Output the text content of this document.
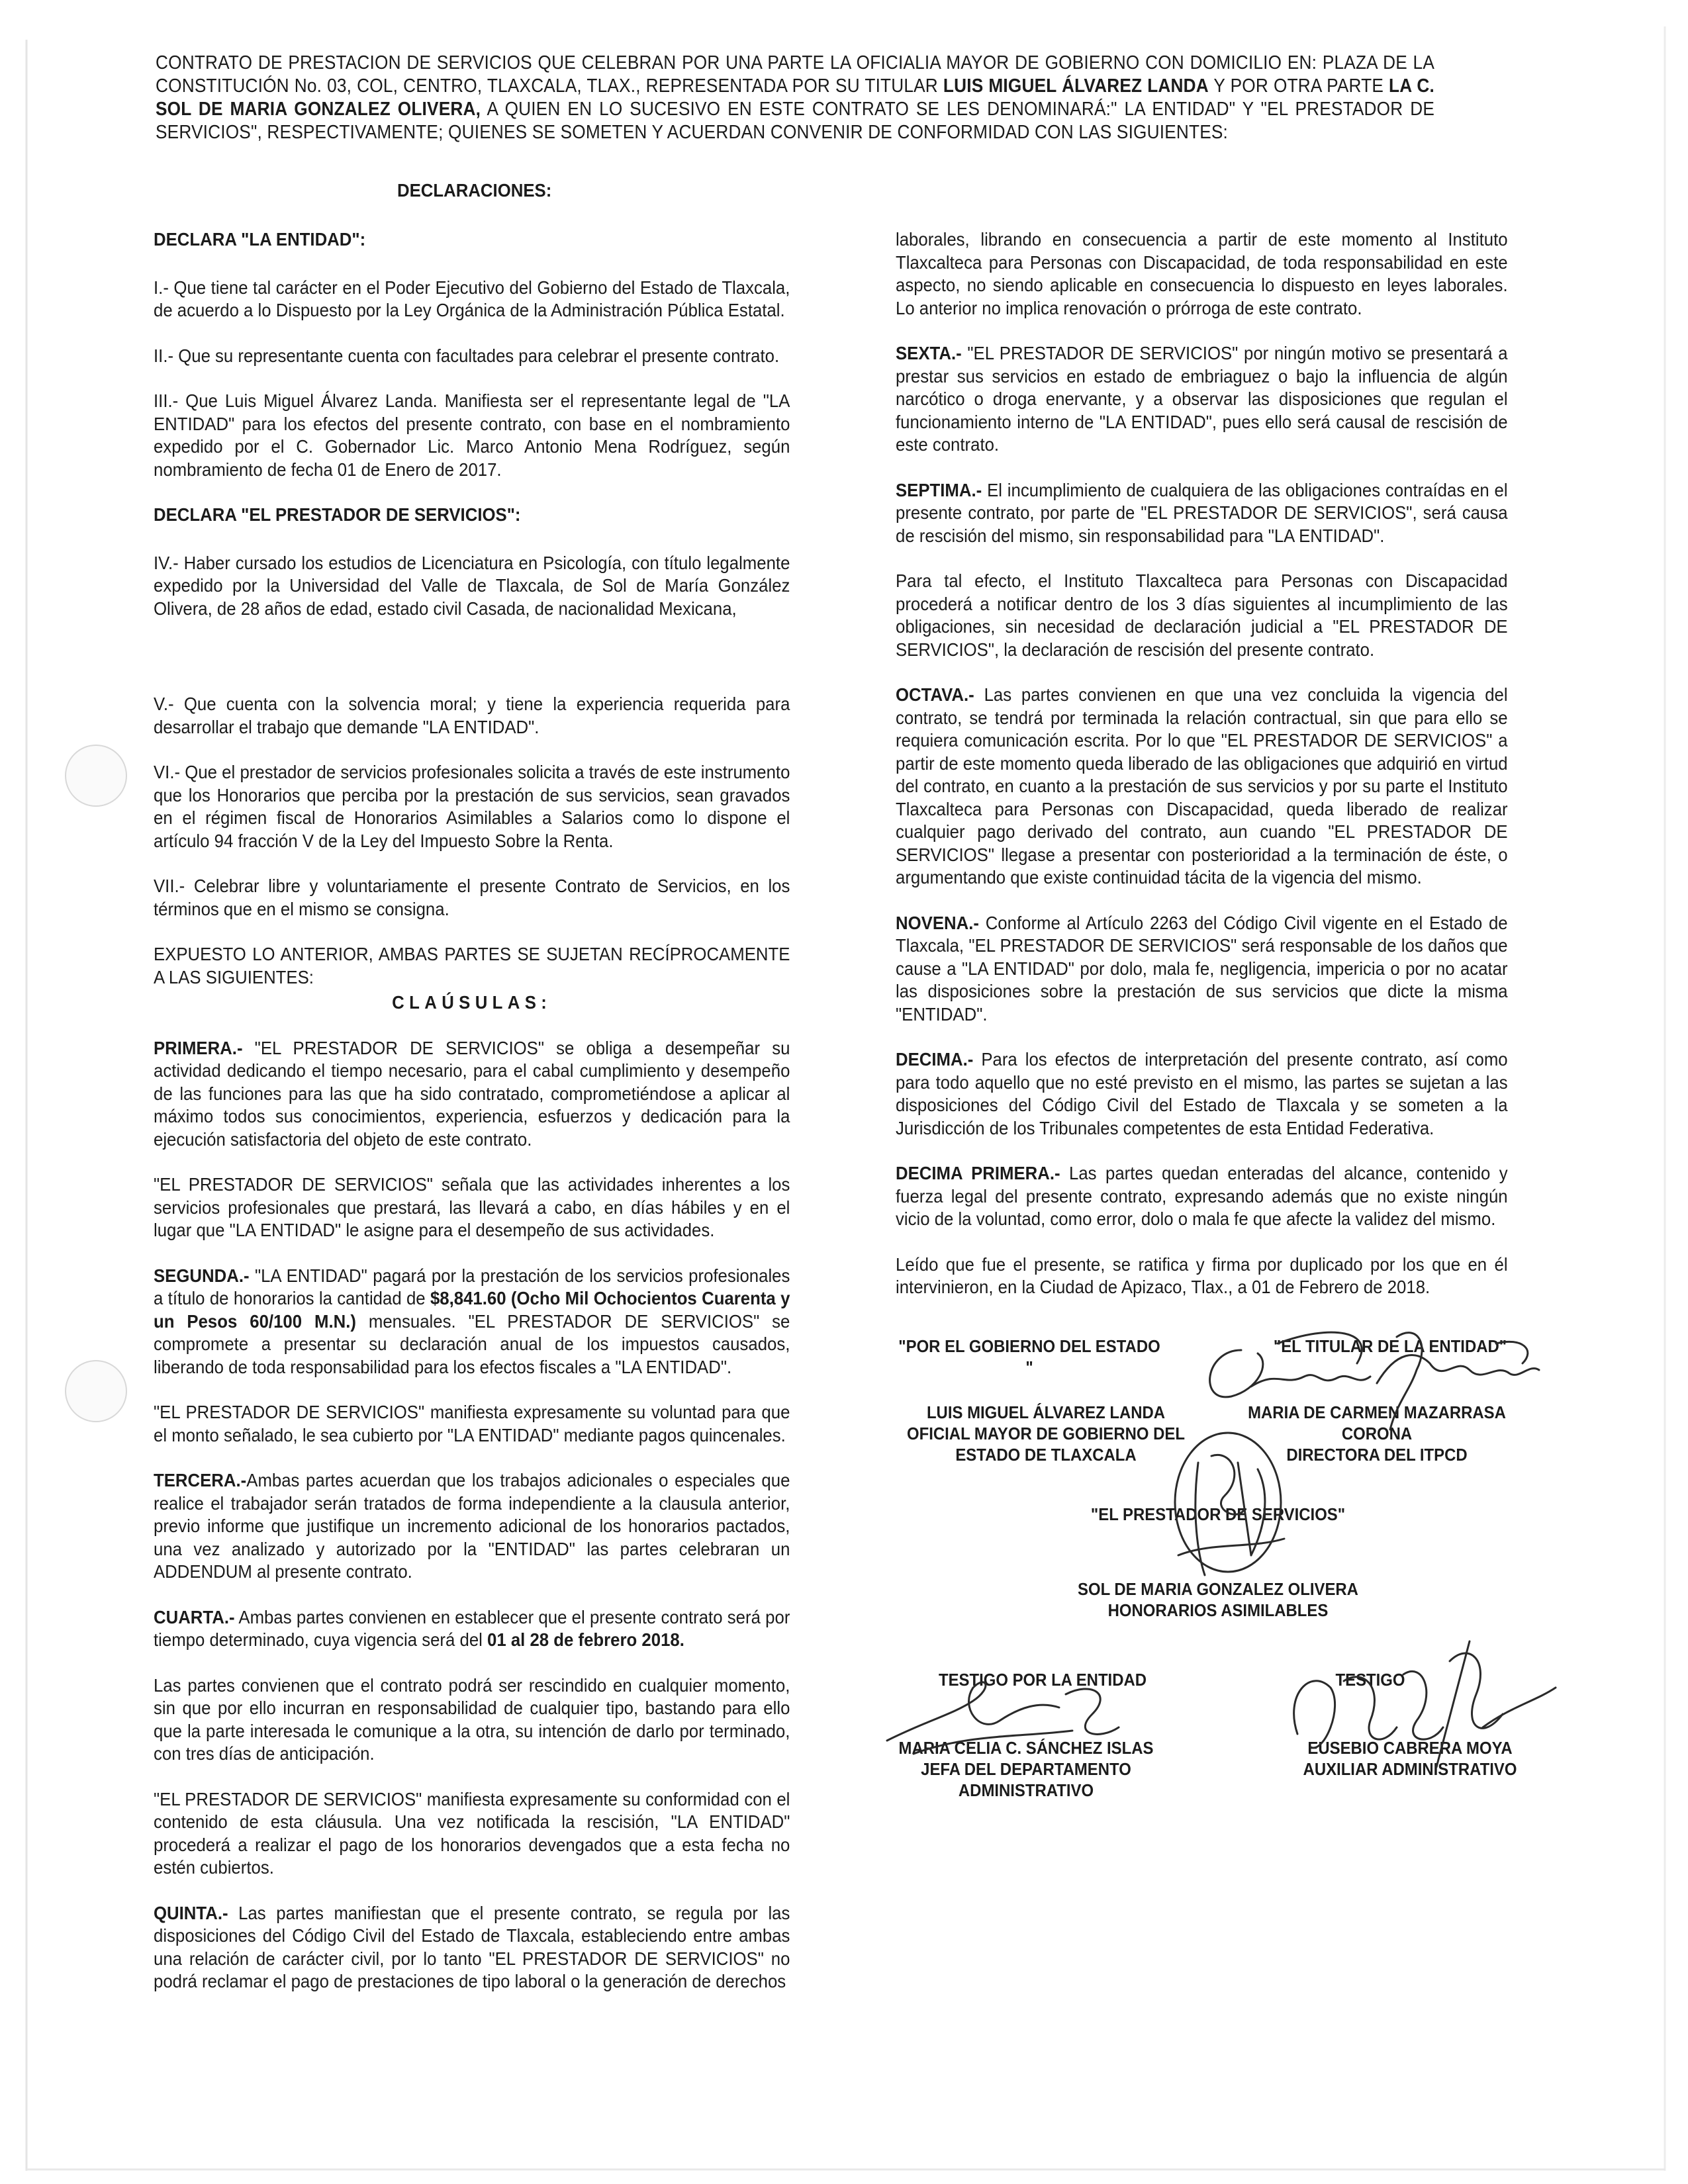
CONTRATO DE PRESTACION DE SERVICIOS QUE CELEBRAN POR UNA PARTE LA OFICIALIA MAYOR DE GOBIERNO CON DOMICILIO EN: PLAZA DE LA CONSTITUCIÓN No. 03, COL, CENTRO, TLAXCALA, TLAX., REPRESENTADA POR SU TITULAR LUIS MIGUEL ÁLVAREZ LANDA Y POR OTRA PARTE LA C. SOL DE MARIA GONZALEZ OLIVERA, A QUIEN EN LO SUCESIVO EN ESTE CONTRATO SE LES DENOMINARÁ:" LA ENTIDAD" Y "EL PRESTADOR DE SERVICIOS", RESPECTIVAMENTE; QUIENES SE SOMETEN Y ACUERDAN CONVENIR DE CONFORMIDAD CON LAS SIGUIENTES:
DECLARACIONES:

DECLARA "LA ENTIDAD":

I.- Que tiene tal carácter en el Poder Ejecutivo del Gobierno del Estado de Tlaxcala, de acuerdo a lo Dispuesto por la Ley Orgánica de la Administración Pública Estatal.

II.- Que su representante cuenta con facultades para celebrar el presente contrato.

III.- Que Luis Miguel Álvarez Landa. Manifiesta ser el representante legal de "LA ENTIDAD" para los efectos del presente contrato, con base en el nombramiento expedido por el C. Gobernador Lic. Marco Antonio Mena Rodríguez, según nombramiento de fecha 01 de Enero de 2017.

DECLARA "EL PRESTADOR DE SERVICIOS":

IV.- Haber cursado los estudios de Licenciatura en Psicología, con título legalmente expedido por la Universidad del Valle de Tlaxcala, de Sol de María González Olivera, de 28 años de edad, estado civil Casada, de nacionalidad Mexicana,

V.- Que cuenta con la solvencia moral; y tiene la experiencia requerida para desarrollar el trabajo que demande "LA ENTIDAD".

VI.- Que el prestador de servicios profesionales solicita a través de este instrumento que los Honorarios que perciba por la prestación de sus servicios, sean gravados en el régimen fiscal de Honorarios Asimilables a Salarios como lo dispone el artículo 94 fracción V de la Ley del Impuesto Sobre la Renta.

VII.- Celebrar libre y voluntariamente el presente Contrato de Servicios, en los términos que en el mismo se consigna.

EXPUESTO LO ANTERIOR, AMBAS PARTES SE SUJETAN RECÍPROCAMENTE A LAS SIGUIENTES:

CLAÚSULAS:

PRIMERA.- "EL PRESTADOR DE SERVICIOS" se obliga a desempeñar su actividad dedicando el tiempo necesario, para el cabal cumplimiento y desempeño de las funciones para las que ha sido contratado, comprometiéndose a aplicar al máximo todos sus conocimientos, experiencia, esfuerzos y dedicación para la ejecución satisfactoria del objeto de este contrato.

"EL PRESTADOR DE SERVICIOS" señala que las actividades inherentes a los servicios profesionales que prestará, las llevará a cabo, en días hábiles y en el lugar que "LA ENTIDAD" le asigne para el desempeño de sus actividades.

SEGUNDA.- "LA ENTIDAD" pagará por la prestación de los servicios profesionales a título de honorarios la cantidad de $8,841.60 (Ocho Mil Ochocientos Cuarenta y un Pesos 60/100 M.N.) mensuales. "EL PRESTADOR DE SERVICIOS" se compromete a presentar su declaración anual de los impuestos causados, liberando de toda responsabilidad para los efectos fiscales a "LA ENTIDAD".

"EL PRESTADOR DE SERVICIOS" manifiesta expresamente su voluntad para que el monto señalado, le sea cubierto por "LA ENTIDAD" mediante pagos quincenales.

TERCERA.-Ambas partes acuerdan que los trabajos adicionales o especiales que realice el trabajador serán tratados de forma independiente a la clausula anterior, previo informe que justifique un incremento adicional de los honorarios pactados, una vez analizado y autorizado por la "ENTIDAD" las partes celebraran un ADDENDUM al presente contrato.

CUARTA.- Ambas partes convienen en establecer que el presente contrato será por tiempo determinado, cuya vigencia será del 01 al 28 de febrero 2018.

Las partes convienen que el contrato podrá ser rescindido en cualquier momento, sin que por ello incurran en responsabilidad de cualquier tipo, bastando para ello que la parte interesada le comunique a la otra, su intención de darlo por terminado, con tres días de anticipación.

"EL PRESTADOR DE SERVICIOS" manifiesta expresamente su conformidad con el contenido de esta cláusula. Una vez notificada la rescisión, "LA ENTIDAD" procederá a realizar el pago de los honorarios devengados que a esta fecha no estén cubiertos.

QUINTA.- Las partes manifiestan que el presente contrato, se regula por las disposiciones del Código Civil del Estado de Tlaxcala, estableciendo entre ambas una relación de carácter civil, por lo tanto "EL PRESTADOR DE SERVICIOS" no podrá reclamar el pago de prestaciones de tipo laboral o la generación de derechos

laborales, librando en consecuencia a partir de este momento al Instituto Tlaxcalteca para Personas con Discapacidad, de toda responsabilidad en este aspecto, no siendo aplicable en consecuencia lo dispuesto en leyes laborales. Lo anterior no implica renovación o prórroga de este contrato.

SEXTA.- "EL PRESTADOR DE SERVICIOS" por ningún motivo se presentará a prestar sus servicios en estado de embriaguez o bajo la influencia de algún narcótico o droga enervante, y a observar las disposiciones que regulan el funcionamiento interno de "LA ENTIDAD", pues ello será causal de rescisión de este contrato.

SEPTIMA.- El incumplimiento de cualquiera de las obligaciones contraídas en el presente contrato, por parte de "EL PRESTADOR DE SERVICIOS", será causa de rescisión del mismo, sin responsabilidad para "LA ENTIDAD".

Para tal efecto, el Instituto Tlaxcalteca para Personas con Discapacidad procederá a notificar dentro de los 3 días siguientes al incumplimiento de las obligaciones, sin necesidad de declaración judicial a "EL PRESTADOR DE SERVICIOS", la declaración de rescisión del presente contrato.

OCTAVA.- Las partes convienen en que una vez concluida la vigencia del contrato, se tendrá por terminada la relación contractual, sin que para ello se requiera comunicación escrita. Por lo que "EL PRESTADOR DE SERVICIOS" a partir de este momento queda liberado de las obligaciones que adquirió en virtud del contrato, en cuanto a la prestación de sus servicios y por su parte el Instituto Tlaxcalteca para Personas con Discapacidad, queda liberado de realizar cualquier pago derivado del contrato, aun cuando "EL PRESTADOR DE SERVICIOS" llegase a presentar con posterioridad a la terminación de éste, o argumentando que existe continuidad tácita de la vigencia del mismo.

NOVENA.- Conforme al Artículo 2263 del Código Civil vigente en el Estado de Tlaxcala, "EL PRESTADOR DE SERVICIOS" será responsable de los daños que cause a "LA ENTIDAD" por dolo, mala fe, negligencia, impericia o por no acatar las disposiciones sobre la prestación de sus servicios que dicte la misma "ENTIDAD".

DECIMA.- Para los efectos de interpretación del presente contrato, así como para todo aquello que no esté previsto en el mismo, las partes se sujetan a las disposiciones del Código Civil del Estado de Tlaxcala y se someten a la Jurisdicción de los Tribunales competentes de esta Entidad Federativa.

DECIMA PRIMERA.- Las partes quedan enteradas del alcance, contenido y fuerza legal del presente contrato, expresando además que no existe ningún vicio de la voluntad, como error, dolo o mala fe que afecte la validez del mismo.

Leído que fue el presente, se ratifica y firma por duplicado por los que en él intervinieron, en la Ciudad de Apizaco, Tlax., a 01 de Febrero de 2018.

"POR EL GOBIERNO DEL ESTADO "
"EL TITULAR DE LA ENTIDAD"
LUIS MIGUEL ÁLVAREZ LANDA
OFICIAL MAYOR DE GOBIERNO DEL
ESTADO DE TLAXCALA
MARIA DE CARMEN MAZARRASA
CORONA
DIRECTORA DEL ITPCD
"EL PRESTADOR DE SERVICIOS"
SOL DE MARIA GONZALEZ OLIVERA
HONORARIOS ASIMILABLES
TESTIGO POR LA ENTIDAD	TESTIGO
MARIA CELIA C. SÁNCHEZ ISLAS
JEFA DEL DEPARTAMENTO
ADMINISTRATIVO
EUSEBIO CABRERA MOYA
AUXILIAR ADMINISTRATIVO
